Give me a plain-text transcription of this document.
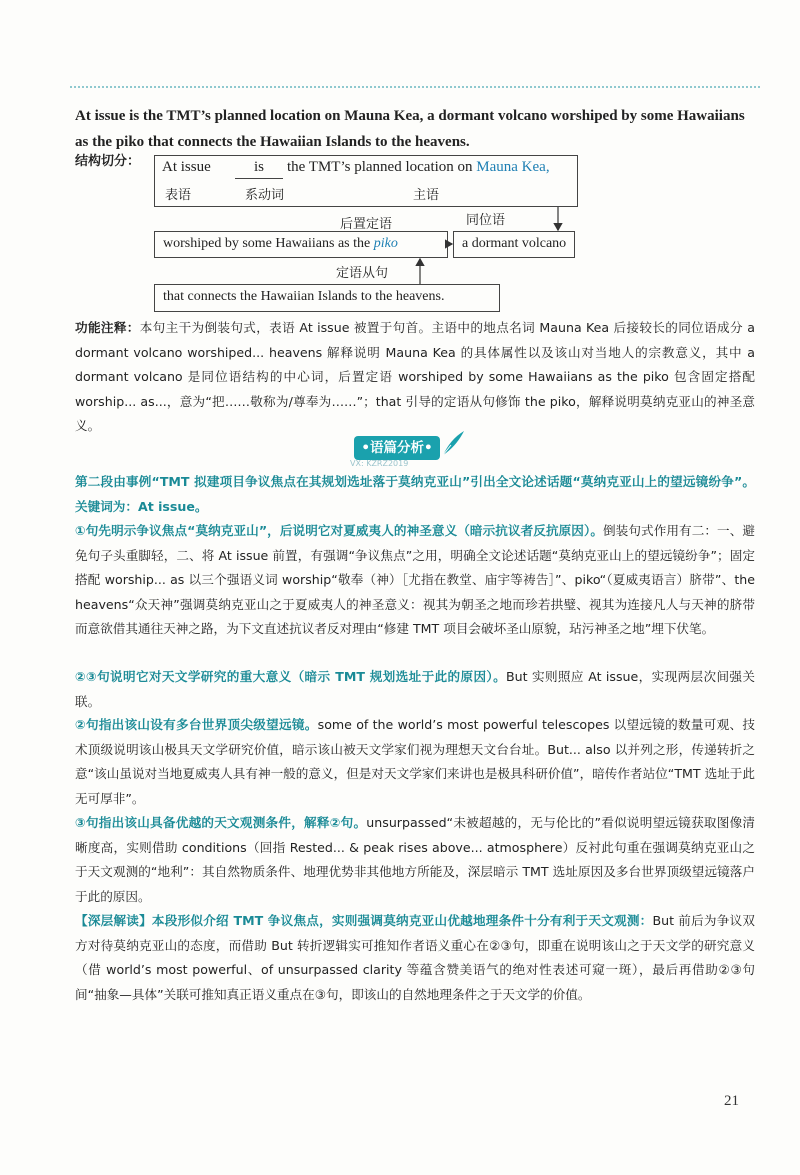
At issue is the TMT’s planned location on Mauna Kea, a dormant volcano worshiped by some Hawaiians as the piko that connects the Hawaiian Islands to the heavens.

结构切分： At issue
表语
is
系动词
the TMT’s planned location on Mauna Kea,
主语
后置定语	同位语
worshiped by some Hawaiians as the piko	a dormant volcano
定语从句
that connects the Hawaiian Islands to the heavens.

功能注释：本句主干为倒装句式，表语 At issue 被置于句首。主语中的地点名词 Mauna Kea 后接较长的同位语成分 a dormant volcano worshiped... heavens 解释说明 Mauna Kea 的具体属性以及该山对当地人的宗教意义，其中 a dormant volcano 是同位语结构的中心词，后置定语 worshiped by some Hawaiians as the piko 包含固定搭配 worship... as...，意为“把……敬称为/尊奉为……”；that 引导的定语从句修饰 the piko，解释说明莫纳克亚山的神圣意义。

•语篇分析•
VX: KZRZ2019

第二段由事例“TMT 拟建项目争议焦点在其规划选址落于莫纳克亚山”引出全文论述话题“莫纳克亚山上的望远镜纷争”。关键词为：At issue。

①句先明示争议焦点“莫纳克亚山”，后说明它对夏威夷人的神圣意义（暗示抗议者反抗原因）。倒装句式作用有二：一、避免句子头重脚轻，二、将 At issue 前置，有强调“争议焦点”之用，明确全文论述话题“莫纳克亚山上的望远镜纷争”；固定搭配 worship... as 以三个强语义词 worship“敬奉（神）［尤指在教堂、庙宇等祷告］”、piko“（夏威夷语言）脐带”、the heavens“众天神”强调莫纳克亚山之于夏威夷人的神圣意义：视其为朝圣之地而珍若拱璧、视其为连接凡人与天神的脐带而意欲借其通往天神之路，为下文直述抗议者反对理由“修建 TMT 项目会破坏圣山原貌，玷污神圣之地”埋下伏笔。

②③句说明它对天文学研究的重大意义（暗示 TMT 规划选址于此的原因）。But 实则照应 At issue，实现两层次间强关联。

②句指出该山设有多台世界顶尖级望远镜。some of the world’s most powerful telescopes 以望远镜的数量可观、技术顶级说明该山极具天文学研究价值，暗示该山被天文学家们视为理想天文台台址。But... also 以并列之形，传递转折之意“该山虽说对当地夏威夷人具有神一般的意义，但是对天文学家们来讲也是极具科研价值”，暗传作者站位“TMT 选址于此无可厚非”。

③句指出该山具备优越的天文观测条件，解释②句。unsurpassed“未被超越的，无与伦比的”看似说明望远镜获取图像清晰度高，实则借助 conditions（回指 Rested... & peak rises above... atmosphere）反衬此句重在强调莫纳克亚山之于天文观测的“地利”：其自然物质条件、地理优势非其他地方所能及，深层暗示 TMT 选址原因及多台世界顶级望远镜落户于此的原因。

【深层解读】本段形似介绍 TMT 争议焦点，实则强调莫纳克亚山优越地理条件十分有利于天文观测：But 前后为争议双方对待莫纳克亚山的态度，而借助 But 转折逻辑实可推知作者语义重心在②③句，即重在说明该山之于天文学的研究意义（借 world’s most powerful、of unsurpassed clarity 等蕴含赞美语气的绝对性表述可窥一斑），最后再借助②③句间“抽象—具体”关联可推知真正语义重点在③句，即该山的自然地理条件之于天文学的价值。

21
